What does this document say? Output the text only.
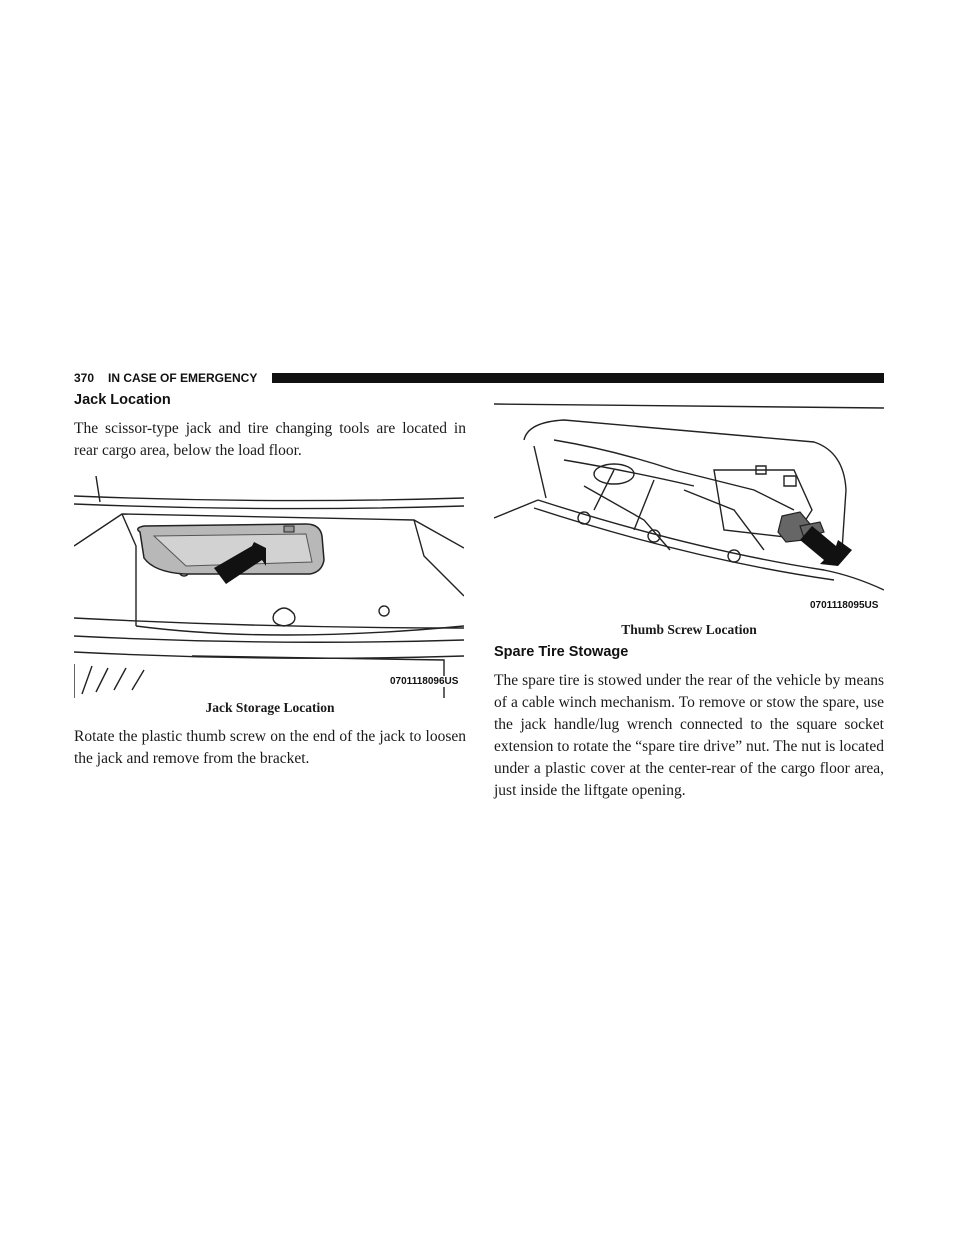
370 IN CASE OF EMERGENCY
Jack Location

The scissor-type jack and tire changing tools are located in rear cargo area, below the load floor.

0701118096US
Jack Storage Location

Rotate the plastic thumb screw on the end of the jack to loosen the jack and remove from the bracket.

0701118095US
Thumb Screw Location
Spare Tire Stowage

The spare tire is stowed under the rear of the vehicle by means of a cable winch mechanism. To remove or stow the spare, use the jack handle/lug wrench connected to the square socket extension to rotate the “spare tire drive” nut. The nut is located under a plastic cover at the center-rear of the cargo floor area, just inside the liftgate opening.
